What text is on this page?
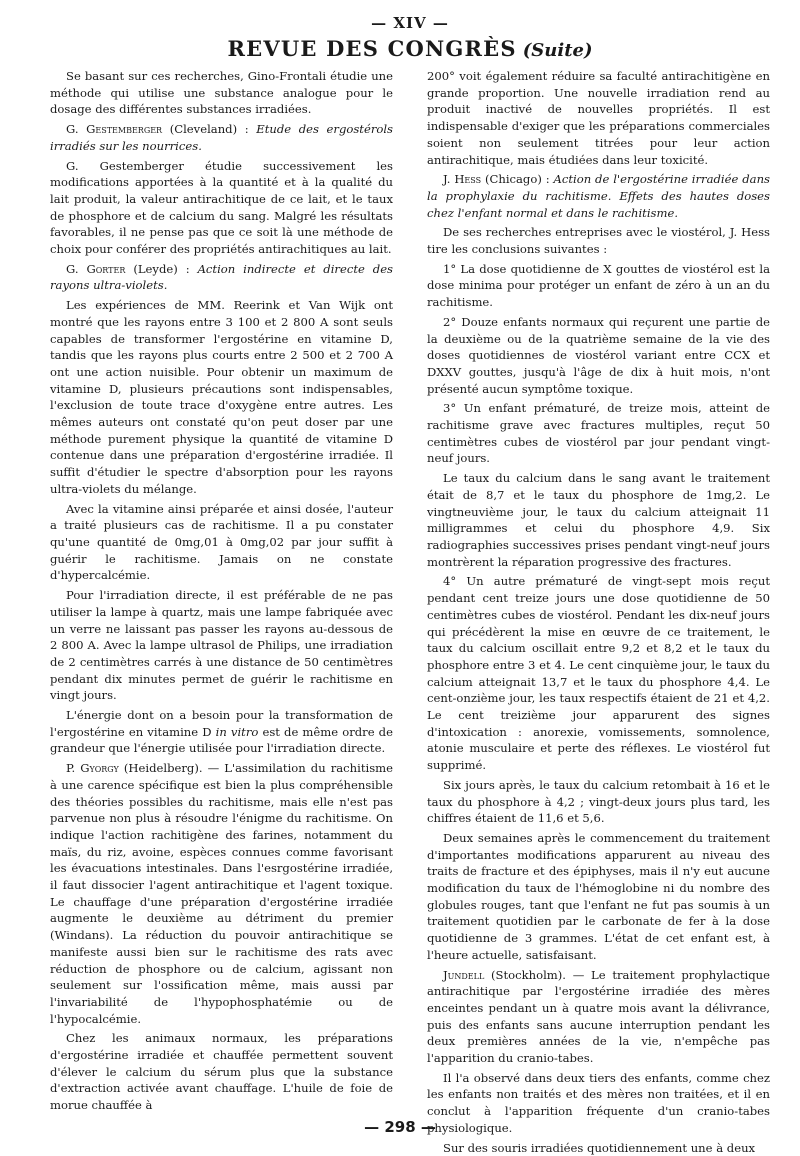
— XIV —
REVUE DES CONGRÈS (Suite)

Se basant sur ces recherches, Gino-Frontali étudie une méthode qui utilise une substance analogue pour le dosage des différentes substances irradiées.

G. Gestemberger (Cleveland) : Etude des ergostérols irradiés sur les nourrices.

G. Gestemberger étudie successivement les modifications apportées à la quantité et à la qualité du lait produit, la valeur antirachitique de ce lait, et le taux de phosphore et de calcium du sang. Malgré les résultats favorables, il ne pense pas que ce soit là une méthode de choix pour conférer des propriétés antirachitiques au lait.

G. Gorter (Leyde) : Action indirecte et directe des rayons ultra-violets.

Les expériences de MM. Reerink et Van Wijk ont montré que les rayons entre 3 100 et 2 800 A sont seuls capables de transformer l'ergostérine en vitamine D, tandis que les rayons plus courts entre 2 500 et 2 700 A ont une action nuisible. Pour obtenir un maximum de vitamine D, plusieurs précautions sont indispensables, l'exclusion de toute trace d'oxygène entre autres. Les mêmes auteurs ont constaté qu'on peut doser par une méthode purement physique la quantité de vitamine D contenue dans une préparation d'ergostérine irradiée. Il suffit d'étudier le spectre d'absorption pour les rayons ultra-violets du mélange.

Avec la vitamine ainsi préparée et ainsi dosée, l'auteur a traité plusieurs cas de rachitisme. Il a pu constater qu'une quantité de 0mg,01 à 0mg,02 par jour suffit à guérir le rachitisme. Jamais on ne constate d'hypercalcémie.

Pour l'irradiation directe, il est préférable de ne pas utiliser la lampe à quartz, mais une lampe fabriquée avec un verre ne laissant pas passer les rayons au-dessous de 2 800 A. Avec la lampe ultrasol de Philips, une irradiation de 2 centimètres carrés à une distance de 50 centimètres pendant dix minutes permet de guérir le rachitisme en vingt jours.

L'énergie dont on a besoin pour la transformation de l'ergostérine en vitamine D in vitro est de même ordre de grandeur que l'énergie utilisée pour l'irradiation directe.

P. Gyorgy (Heidelberg). — L'assimilation du rachitisme à une carence spécifique est bien la plus compréhensible des théories possibles du rachitisme, mais elle n'est pas parvenue non plus à résoudre l'énigme du rachitisme. On indique l'action rachitigène des farines, notamment du maïs, du riz, avoine, espèces connues comme favorisant les évacuations intestinales. Dans l'esrgostérine irradiée, il faut dissocier l'agent antirachitique et l'agent toxique. Le chauffage d'une préparation d'ergostérine irradiée augmente le deuxième au détriment du premier (Windans). La réduction du pouvoir antirachitique se manifeste aussi bien sur le rachitisme des rats avec réduction de phosphore ou de calcium, agissant non seulement sur l'ossification même, mais aussi par l'invariabilité de l'hypophosphatémie ou de l'hypocalcémie.

Chez les animaux normaux, les préparations d'ergostérine irradiée et chauffée permettent souvent d'élever le calcium du sérum plus que la substance d'extraction activée avant chauffage. L'huile de foie de morue chauffée à

200° voit également réduire sa faculté antirachitigène en grande proportion. Une nouvelle irradiation rend au produit inactivé de nouvelles propriétés. Il est indispensable d'exiger que les préparations commerciales soient non seulement titrées pour leur action antirachitique, mais étudiées dans leur toxicité.

J. Hess (Chicago) : Action de l'ergostérine irradiée dans la prophylaxie du rachitisme. Effets des hautes doses chez l'enfant normal et dans le rachitisme.

De ses recherches entreprises avec le viostérol, J. Hess tire les conclusions suivantes :

1° La dose quotidienne de X gouttes de viostérol est la dose minima pour protéger un enfant de zéro à un an du rachitisme.

2° Douze enfants normaux qui reçurent une partie de la deuxième ou de la quatrième semaine de la vie des doses quotidiennes de viostérol variant entre CCX et DXXV gouttes, jusqu'à l'âge de dix à huit mois, n'ont présenté aucun symptôme toxique.

3° Un enfant prématuré, de treize mois, atteint de rachitisme grave avec fractures multiples, reçut 50 centimètres cubes de viostérol par jour pendant vingt-neuf jours.

Le taux du calcium dans le sang avant le traitement était de 8,7 et le taux du phosphore de 1mg,2. Le vingtneuvième jour, le taux du calcium atteignait 11 milligrammes et celui du phosphore 4,9. Six radiographies successives prises pendant vingt-neuf jours montrèrent la réparation progressive des fractures.

4° Un autre prématuré de vingt-sept mois reçut pendant cent treize jours une dose quotidienne de 50 centimètres cubes de viostérol. Pendant les dix-neuf jours qui précédèrent la mise en œuvre de ce traitement, le taux du calcium oscillait entre 9,2 et 8,2 et le taux du phosphore entre 3 et 4. Le cent cinquième jour, le taux du calcium atteignait 13,7 et le taux du phosphore 4,4. Le cent-onzième jour, les taux respectifs étaient de 21 et 4,2. Le cent treizième jour apparurent des signes d'intoxication : anorexie, vomissements, somnolence, atonie musculaire et perte des réflexes. Le viostérol fut supprimé.

Six jours après, le taux du calcium retombait à 16 et le taux du phosphore à 4,2 ; vingt-deux jours plus tard, les chiffres étaient de 11,6 et 5,6.

Deux semaines après le commencement du traitement d'importantes modifications apparurent au niveau des traits de fracture et des épiphyses, mais il n'y eut aucune modification du taux de l'hémoglobine ni du nombre des globules rouges, tant que l'enfant ne fut pas soumis à un traitement quotidien par le carbonate de fer à la dose quotidienne de 3 grammes. L'état de cet enfant est, à l'heure actuelle, satisfaisant.

Jundell (Stockholm). — Le traitement prophylactique antirachitique par l'ergostérine irradiée des mères enceintes pendant un à quatre mois avant la délivrance, puis des enfants sans aucune interruption pendant les deux premières années de la vie, n'empêche pas l'apparition du cranio-tabes.

Il l'a observé dans deux tiers des enfants, comme chez les enfants non traités et des mères non traitées, et il en conclut à l'apparition fréquente d'un cranio-tabes physiologique.

Sur des souris irradiées quotidiennement une à deux

— 298 —
